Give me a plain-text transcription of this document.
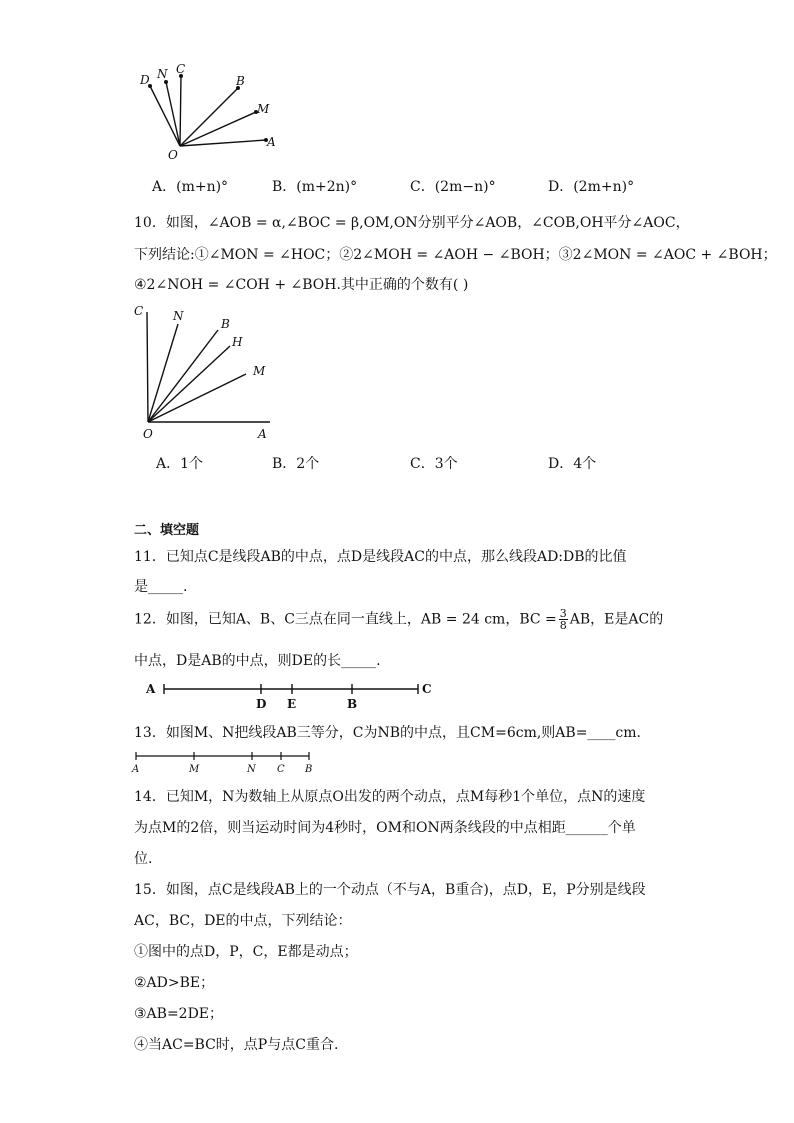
D N C
B
M
A
O
A．(m+n)°	B．(m+2n)°	C．(2m−n)°	D．(2m+n)°
10．如图，∠AOB = α,∠BOC = β,OM,ON分别平分∠AOB，∠COB,OH平分∠AOC，
下列结论:①∠MON = ∠HOC；②2∠MOH = ∠AOH − ∠BOH；③2∠MON = ∠AOC + ∠BOH；
④2∠NOH = ∠COH + ∠BOH.其中正确的个数有( )
C N
B
H
M
O	A
A．1个	B．2个	C．3个	D．4个
二、填空题
11．已知点C是线段AB的中点，点D是线段AC的中点，那么线段AD:DB的比值
是_____.
12．如图，已知A、B、C三点在同一直线上，AB = 24 cm，BC = $\frac{3}{8}$ AB，E是AC的
中点，D是AB的中点，则DE的长_____.
A
D E	B
C
13．如图M、N把线段AB三等分，C为NB的中点，且CM=6cm,则AB=____cm.
A	M	N C B
14．已知M，N为数轴上从原点O出发的两个动点，点M每秒1个单位，点N的速度
为点M的2倍，则当运动时间为4秒时，OM和ON两条线段的中点相距______个单
位.
15．如图，点C是线段AB上的一个动点（不与A，B重合)，点D，E，P分别是线段
AC，BC，DE的中点，下列结论：
①图中的点D，P，C，E都是动点；
②AD>BE；
③AB=2DE；
④当AC=BC时，点P与点C重合.
